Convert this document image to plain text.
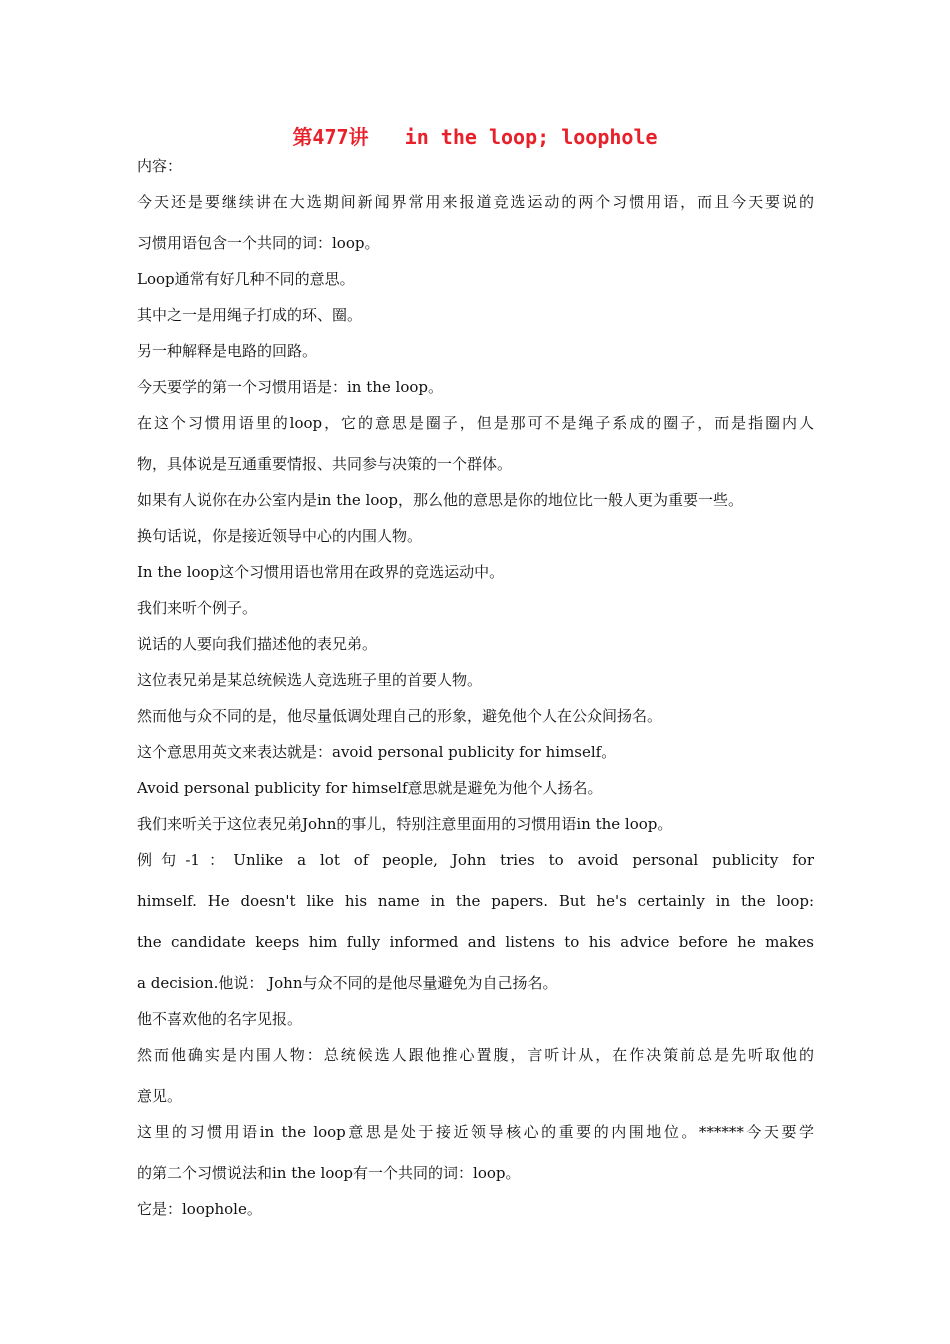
第477讲   in the loop; loophole
内容：
今天还是要继续讲在大选期间新闻界常用来报道竞选运动的两个习惯用语，而且今天要说的
习惯用语包含一个共同的词：loop。
Loop通常有好几种不同的意思。
其中之一是用绳子打成的环、圈。
另一种解释是电路的回路。
今天要学的第一个习惯用语是：in the loop。
在这个习惯用语里的loop，它的意思是圈子，但是那可不是绳子系成的圈子，而是指圈内人
物，具体说是互通重要情报、共同参与决策的一个群体。
如果有人说你在办公室内是in the loop，那么他的意思是你的地位比一般人更为重要一些。
换句话说，你是接近领导中心的内围人物。
In the loop这个习惯用语也常用在政界的竞选运动中。
我们来听个例子。
说话的人要向我们描述他的表兄弟。
这位表兄弟是某总统候选人竞选班子里的首要人物。
然而他与众不同的是，他尽量低调处理自己的形象，避免他个人在公众间扬名。
这个意思用英文来表达就是：avoid personal publicity for himself。
Avoid personal publicity for himself意思就是避免为他个人扬名。
我们来听关于这位表兄弟John的事儿，特别注意里面用的习惯用语in the loop。
例句-1：Unlike a lot of people, John tries to avoid personal publicity for
himself. He doesn't like his name in the papers. But he's certainly in the loop:
the candidate keeps him fully informed and listens to his advice before he makes
a decision.他说： John与众不同的是他尽量避免为自己扬名。
他不喜欢他的名字见报。
然而他确实是内围人物：总统候选人跟他推心置腹，言听计从，在作决策前总是先听取他的
意见。
这里的习惯用语in the loop意思是处于接近领导核心的重要的内围地位。******今天要学
的第二个习惯说法和in the loop有一个共同的词：loop。
它是：loophole。
